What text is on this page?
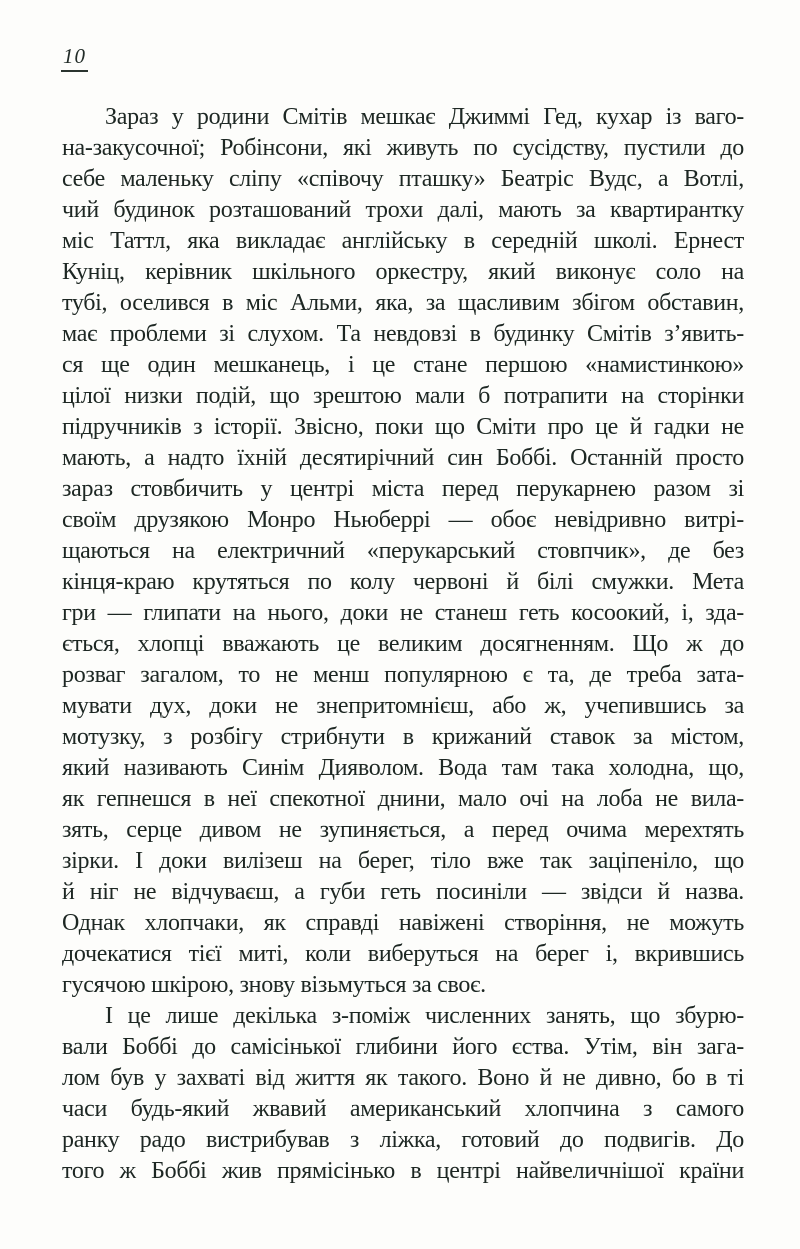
10
Зараз у родини Смітів мешкає Джиммі Гед, кухар із ваго-
на-закусочної; Робінсони, які живуть по сусідству, пустили до
себе маленьку сліпу «співочу пташку» Беатріс Вудс, а Вотлі,
чий будинок розташований трохи далі, мають за квартирантку
міс Таттл, яка викладає англійську в середній школі. Ернест
Куніц, керівник шкільного оркестру, який виконує соло на
тубі, оселився в міс Альми, яка, за щасливим збігом обставин,
має проблеми зі слухом. Та невдовзі в будинку Смітів з’явить-
ся ще один мешканець, і це стане першою «намистинкою»
цілої низки подій, що зрештою мали б потрапити на сторінки
підручників з історії. Звісно, поки що Сміти про це й гадки не
мають, а надто їхній десятирічний син Боббі. Останній просто
зараз стовбичить у центрі міста перед перукарнею разом зі
своїм друзякою Монро Ньюберрі — обоє невідривно витрі-
щаються на електричний «перукарський стовпчик», де без
кінця-краю крутяться по колу червоні й білі смужки. Мета
гри — глипати на нього, доки не станеш геть косоокий, і, зда-
ється, хлопці вважають це великим досягненням. Що ж до
розваг загалом, то не менш популярною є та, де треба зата-
мувати дух, доки не знепритомнієш, або ж, учепившись за
мотузку, з розбігу стрибнути в крижаний ставок за містом,
який називають Синім Дияволом. Вода там така холодна, що,
як гепнешся в неї спекотної днини, мало очі на лоба не вила-
зять, серце дивом не зупиняється, а перед очима мерехтять
зірки. І доки вилізеш на берег, тіло вже так заціпеніло, що
й ніг не відчуваєш, а губи геть посиніли — звідси й назва.
Однак хлопчаки, як справді навіжені створіння, не можуть
дочекатися тієї миті, коли виберуться на берег і, вкрившись
гусячою шкірою, знову візьмуться за своє.
І це лише декілька з-поміж численних занять, що збурю-
вали Боббі до самісінької глибини його єства. Утім, він зага-
лом був у захваті від життя як такого. Воно й не дивно, бо в ті
часи будь-який жвавий американський хлопчина з самого
ранку радо вистрибував з ліжка, готовий до подвигів. До
того ж Боббі жив прямісінько в центрі найвеличнішої країни
